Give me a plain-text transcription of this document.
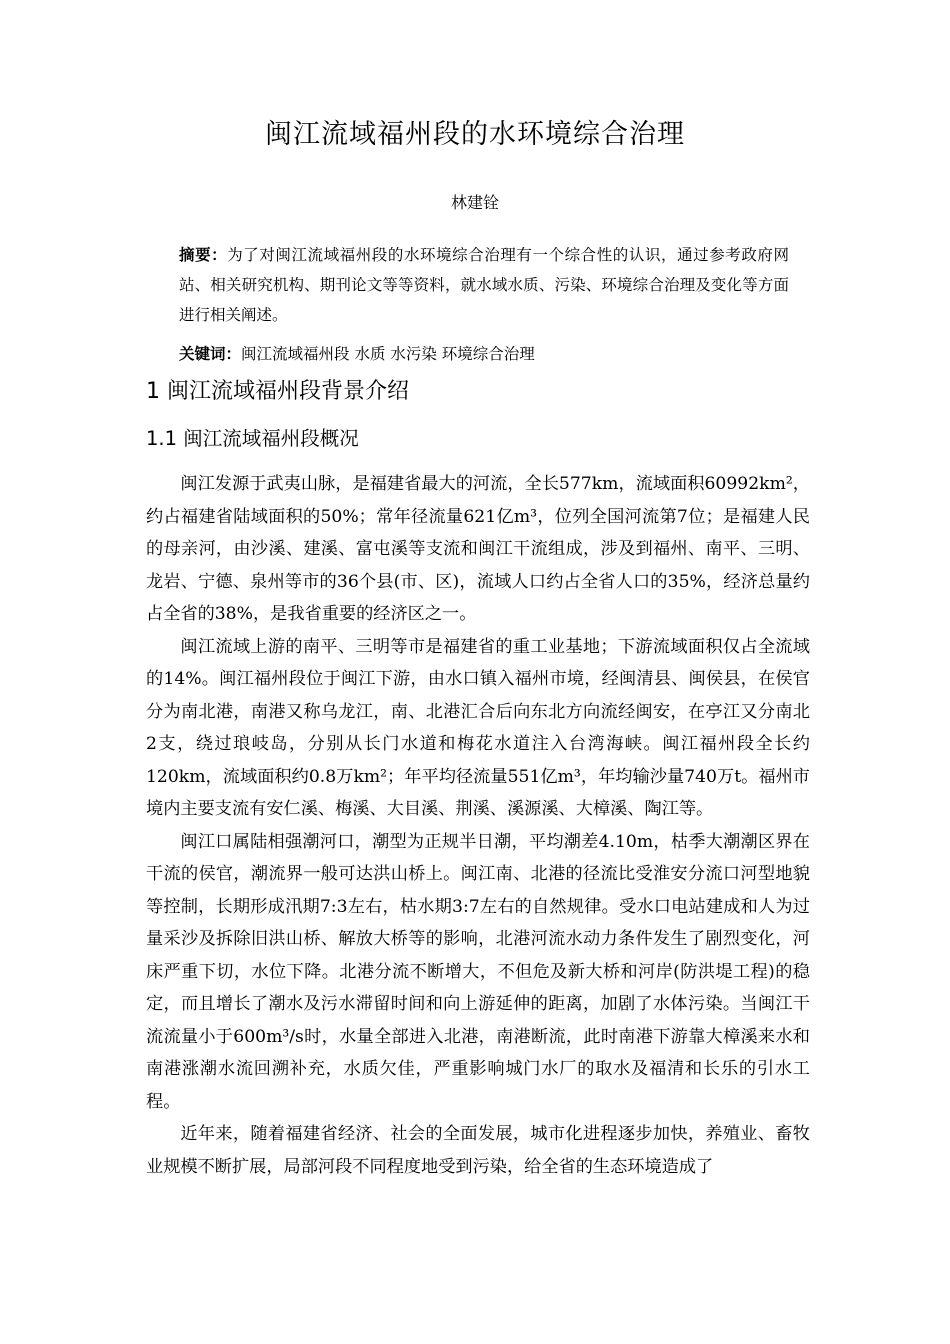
闽江流域福州段的水环境综合治理
林建铨

摘要：为了对闽江流域福州段的水环境综合治理有一个综合性的认识，通过参考政府网站、相关研究机构、期刊论文等等资料，就水域水质、污染、环境综合治理及变化等方面进行相关阐述。

关键词：闽江流域福州段 水质 水污染 环境综合治理

1 闽江流域福州段背景介绍
1.1 闽江流域福州段概况

闽江发源于武夷山脉，是福建省最大的河流，全长577km，流域面积60992km²，约占福建省陆域面积的50%；常年径流量621亿m³，位列全国河流第7位；是福建人民的母亲河，由沙溪、建溪、富屯溪等支流和闽江干流组成，涉及到福州、南平、三明、龙岩、宁德、泉州等市的36个县(市、区)，流域人口约占全省人口的35%，经济总量约占全省的38%，是我省重要的经济区之一。

闽江流域上游的南平、三明等市是福建省的重工业基地；下游流域面积仅占全流域的14%。闽江福州段位于闽江下游，由水口镇入福州市境，经闽清县、闽侯县，在侯官分为南北港，南港又称乌龙江，南、北港汇合后向东北方向流经闽安，在亭江又分南北2支，绕过琅岐岛，分别从长门水道和梅花水道注入台湾海峡。闽江福州段全长约120km，流域面积约0.8万km²；年平均径流量551亿m³，年均输沙量740万t。福州市境内主要支流有安仁溪、梅溪、大目溪、荆溪、溪源溪、大樟溪、陶江等。

闽江口属陆相强潮河口，潮型为正规半日潮，平均潮差4.10m，枯季大潮潮区界在干流的侯官，潮流界一般可达洪山桥上。闽江南、北港的径流比受淮安分流口河型地貌等控制，长期形成汛期7:3左右，枯水期3:7左右的自然规律。受水口电站建成和人为过量采沙及拆除旧洪山桥、解放大桥等的影响，北港河流水动力条件发生了剧烈变化，河床严重下切，水位下降。北港分流不断增大，不但危及新大桥和河岸(防洪堤工程)的稳定，而且增长了潮水及污水滞留时间和向上游延伸的距离，加剧了水体污染。当闽江干流流量小于600m³/s时，水量全部进入北港，南港断流，此时南港下游靠大樟溪来水和南港涨潮水流回溯补充，水质欠佳，严重影响城门水厂的取水及福清和长乐的引水工程。

近年来，随着福建省经济、社会的全面发展，城市化进程逐步加快，养殖业、畜牧业规模不断扩展，局部河段不同程度地受到污染，给全省的生态环境造成了
